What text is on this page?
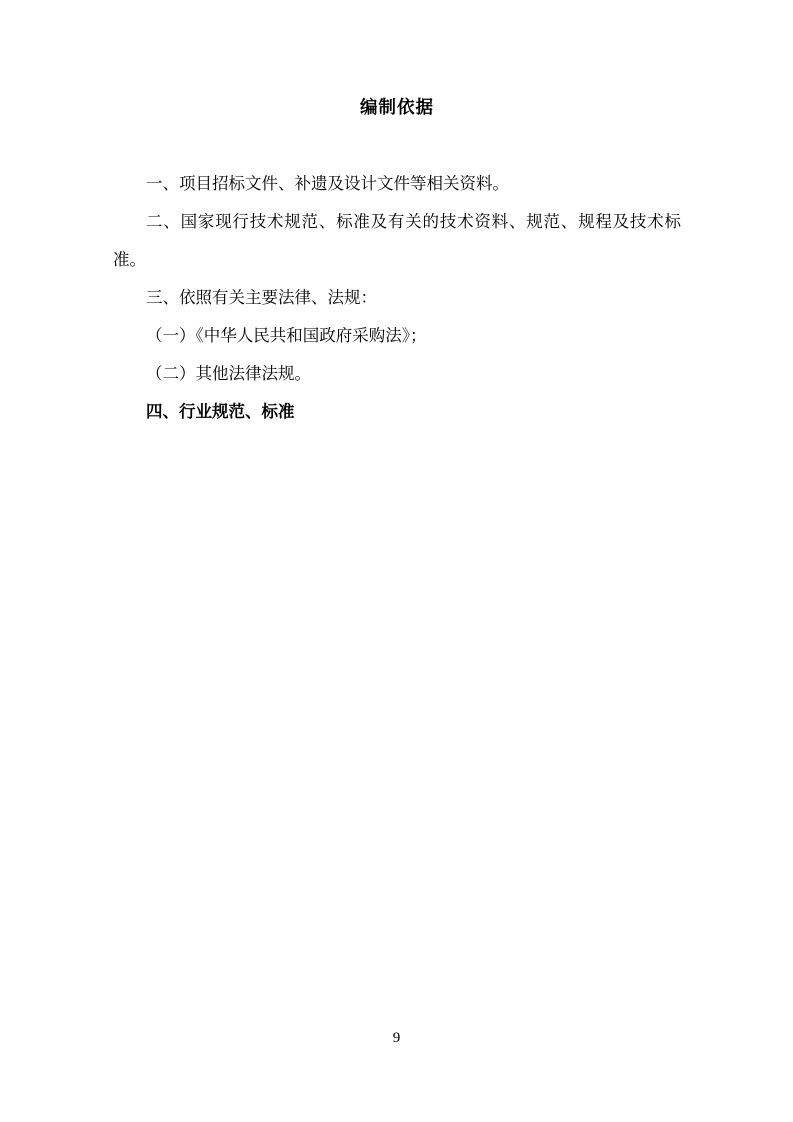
编制依据

一、项目招标文件、补遗及设计文件等相关资料。

二、国家现行技术规范、标准及有关的技术资料、规范、规程及技术标准。

三、依照有关主要法律、法规：

（一）《中华人民共和国政府采购法》；

（二）其他法律法规。

四、行业规范、标准

9
